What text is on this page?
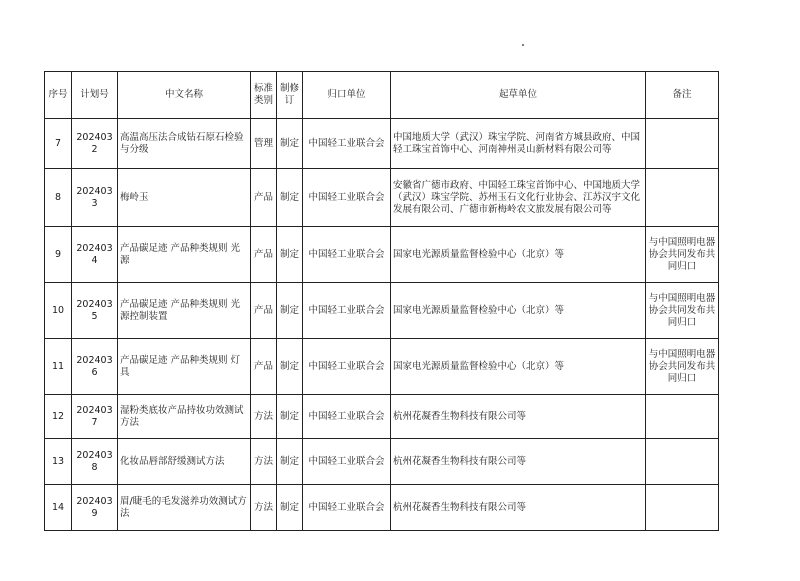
序号	计划号	中文名称	标准类别	制修订	归口单位	起草单位	备注
7	2024032	高温高压法合成钻石原石检验与分级	管理	制定	中国轻工业联合会	中国地质大学（武汉）珠宝学院、河南省方城县政府、中国轻工珠宝首饰中心、河南神州灵山新材料有限公司等	
8	2024033	梅岭玉	产品	制定	中国轻工业联合会	安徽省广德市政府、中国轻工珠宝首饰中心、中国地质大学（武汉）珠宝学院、苏州玉石文化行业协会、江苏汉宇文化发展有限公司、广德市新梅岭农文旅发展有限公司等	
9	2024034	产品碳足迹 产品种类规则 光源	产品	制定	中国轻工业联合会	国家电光源质量监督检验中心（北京）等	与中国照明电器协会共同发布共同归口
10	2024035	产品碳足迹 产品种类规则 光源控制装置	产品	制定	中国轻工业联合会	国家电光源质量监督检验中心（北京）等	与中国照明电器协会共同发布共同归口
11	2024036	产品碳足迹 产品种类规则 灯具	产品	制定	中国轻工业联合会	国家电光源质量监督检验中心（北京）等	与中国照明电器协会共同发布共同归口
12	2024037	湿粉类底妆产品持妆功效测试方法	方法	制定	中国轻工业联合会	杭州花凝香生物科技有限公司等	
13	2024038	化妆品唇部舒缓测试方法	方法	制定	中国轻工业联合会	杭州花凝香生物科技有限公司等	
14	2024039	眉/睫毛的毛发滋养功效测试方法	方法	制定	中国轻工业联合会	杭州花凝香生物科技有限公司等	
